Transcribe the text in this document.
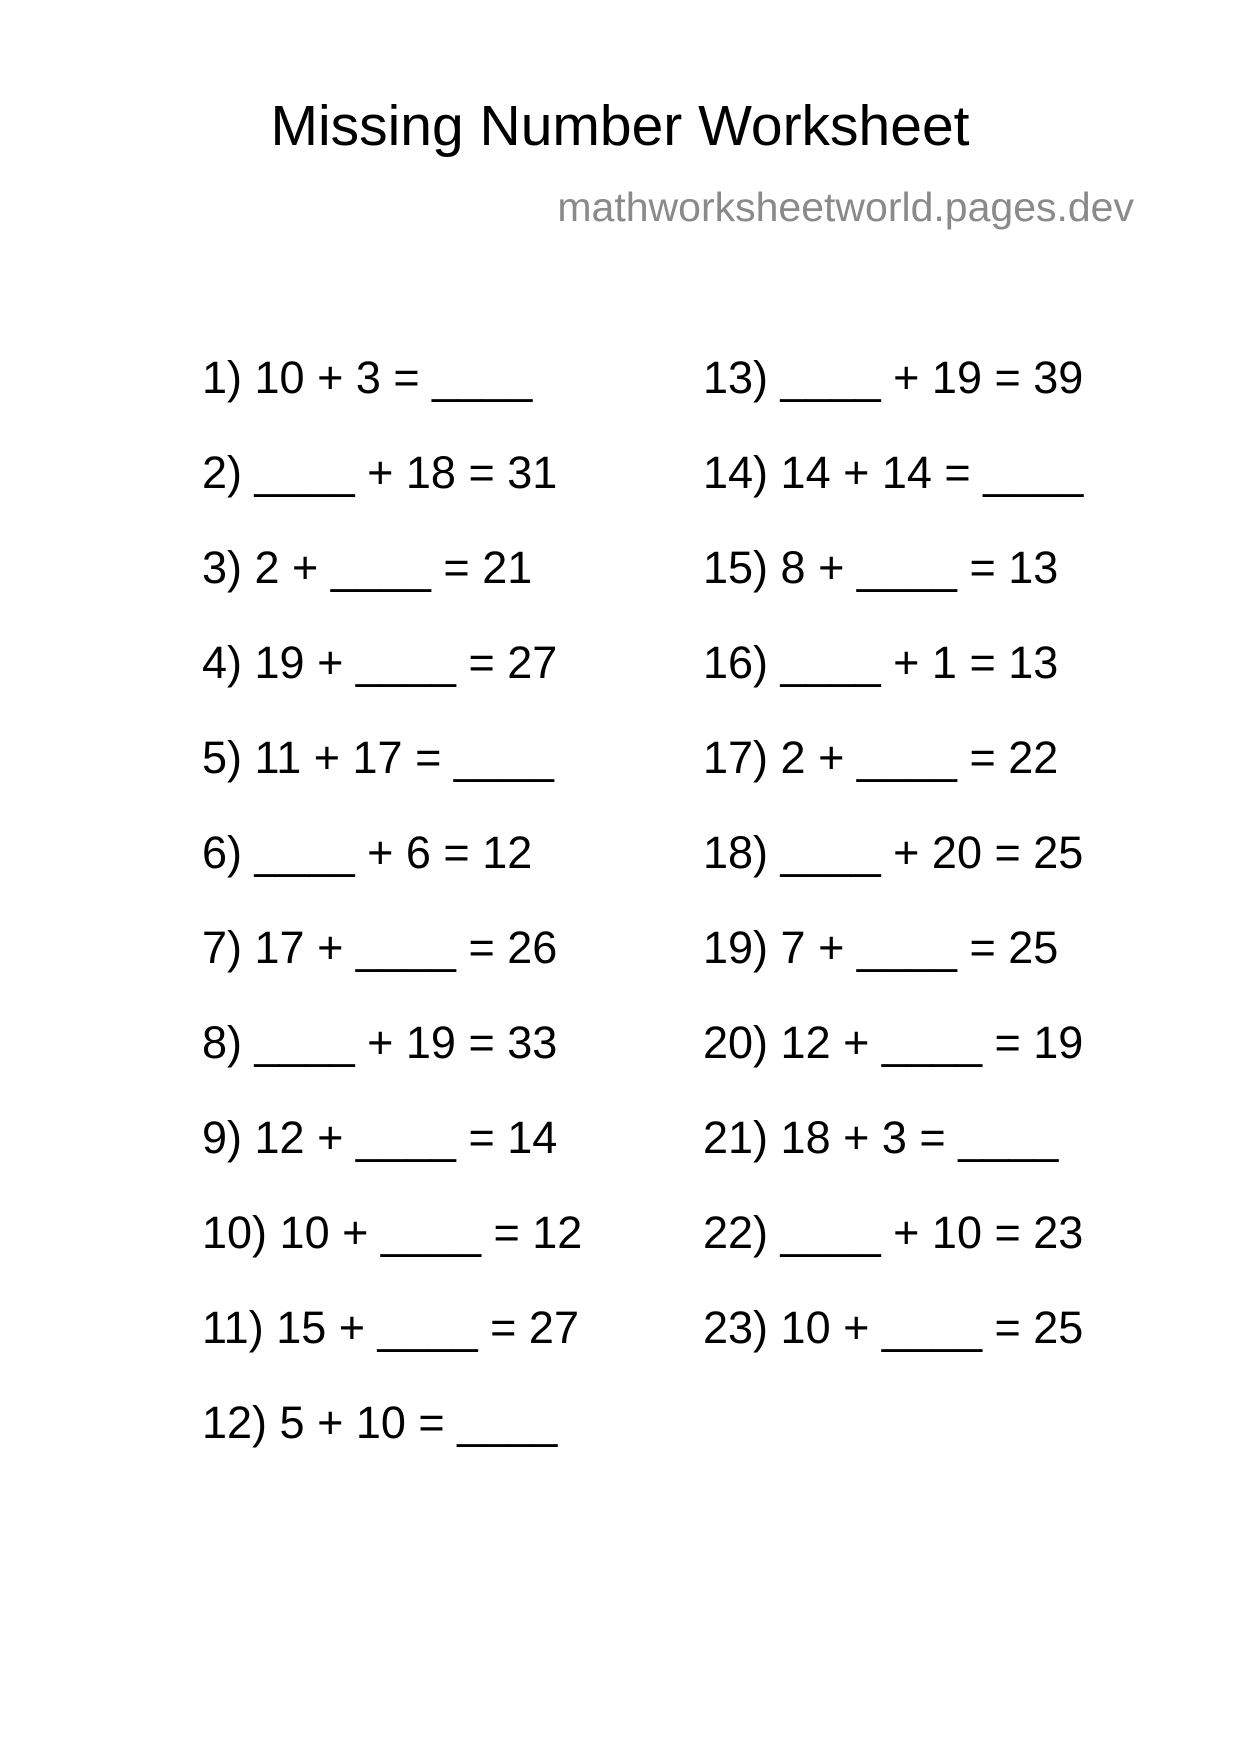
Missing Number Worksheet
mathworksheetworld.pages.dev
1) 10 + 3 = ____
2) ____ + 18 = 31
3) 2 + ____ = 21
4) 19 + ____ = 27
5) 11 + 17 = ____
6) ____ + 6 = 12
7) 17 + ____ = 26
8) ____ + 19 = 33
9) 12 + ____ = 14
10) 10 + ____ = 12
11) 15 + ____ = 27
12) 5 + 10 = ____
13) ____ + 19 = 39
14) 14 + 14 = ____
15) 8 + ____ = 13
16) ____ + 1 = 13
17) 2 + ____ = 22
18) ____ + 20 = 25
19) 7 + ____ = 25
20) 12 + ____ = 19
21) 18 + 3 = ____
22) ____ + 10 = 23
23) 10 + ____ = 25
